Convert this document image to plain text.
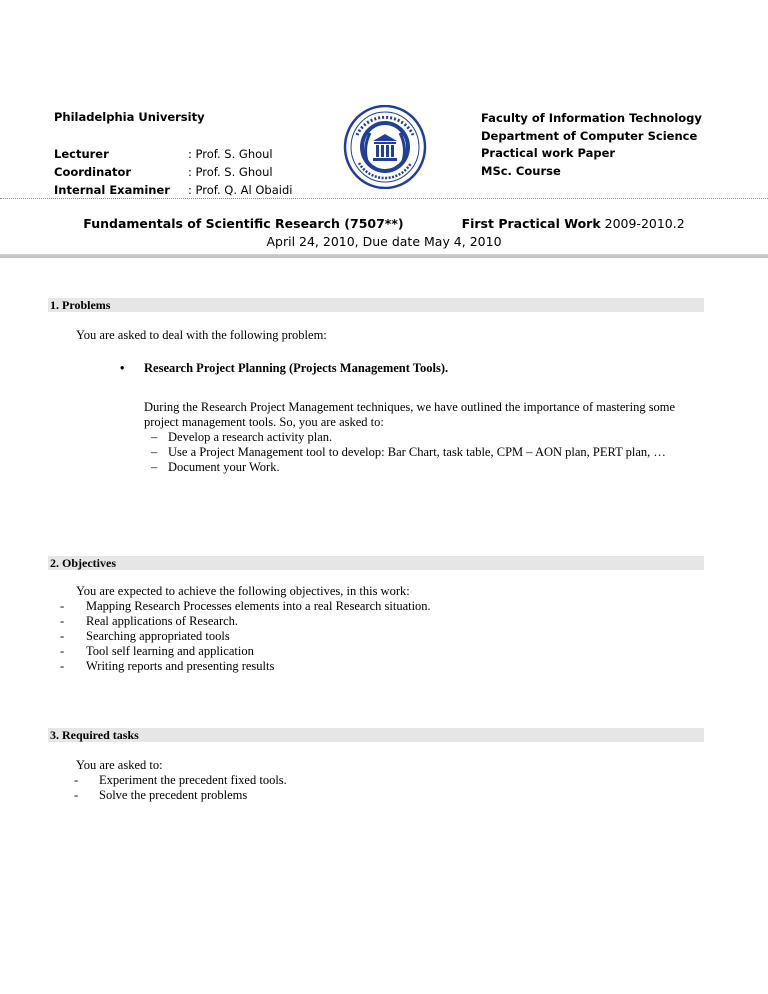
Philadelphia University
Lecturer	: Prof. S. Ghoul
Coordinator	: Prof. S. Ghoul
Internal Examiner	: Prof. Q. Al Obaidi
Faculty of Information Technology
Department of Computer Science
Practical work Paper
MSc. Course
Fundamentals of Scientific Research (7507**)	First Practical Work 2009-2010.2
April 24, 2010, Due date May 4, 2010
1. Problems
You are asked to deal with the following problem:
• Research Project Planning (Projects Management Tools).
During the Research Project Management techniques, we have outlined the importance of mastering some project management tools. So, you are asked to:
– Develop a research activity plan.
– Use a Project Management tool to develop: Bar Chart, task table, CPM – AON plan, PERT plan, …
– Document your Work.
2. Objectives
You are expected to achieve the following objectives, in this work:
-	Mapping Research Processes elements into a real Research situation.
-	Real applications of Research.
-	Searching appropriated tools
-	Tool self learning and application
-	Writing reports and presenting results
3. Required tasks
You are asked to:
-	Experiment the precedent fixed tools.
-	Solve the precedent problems
